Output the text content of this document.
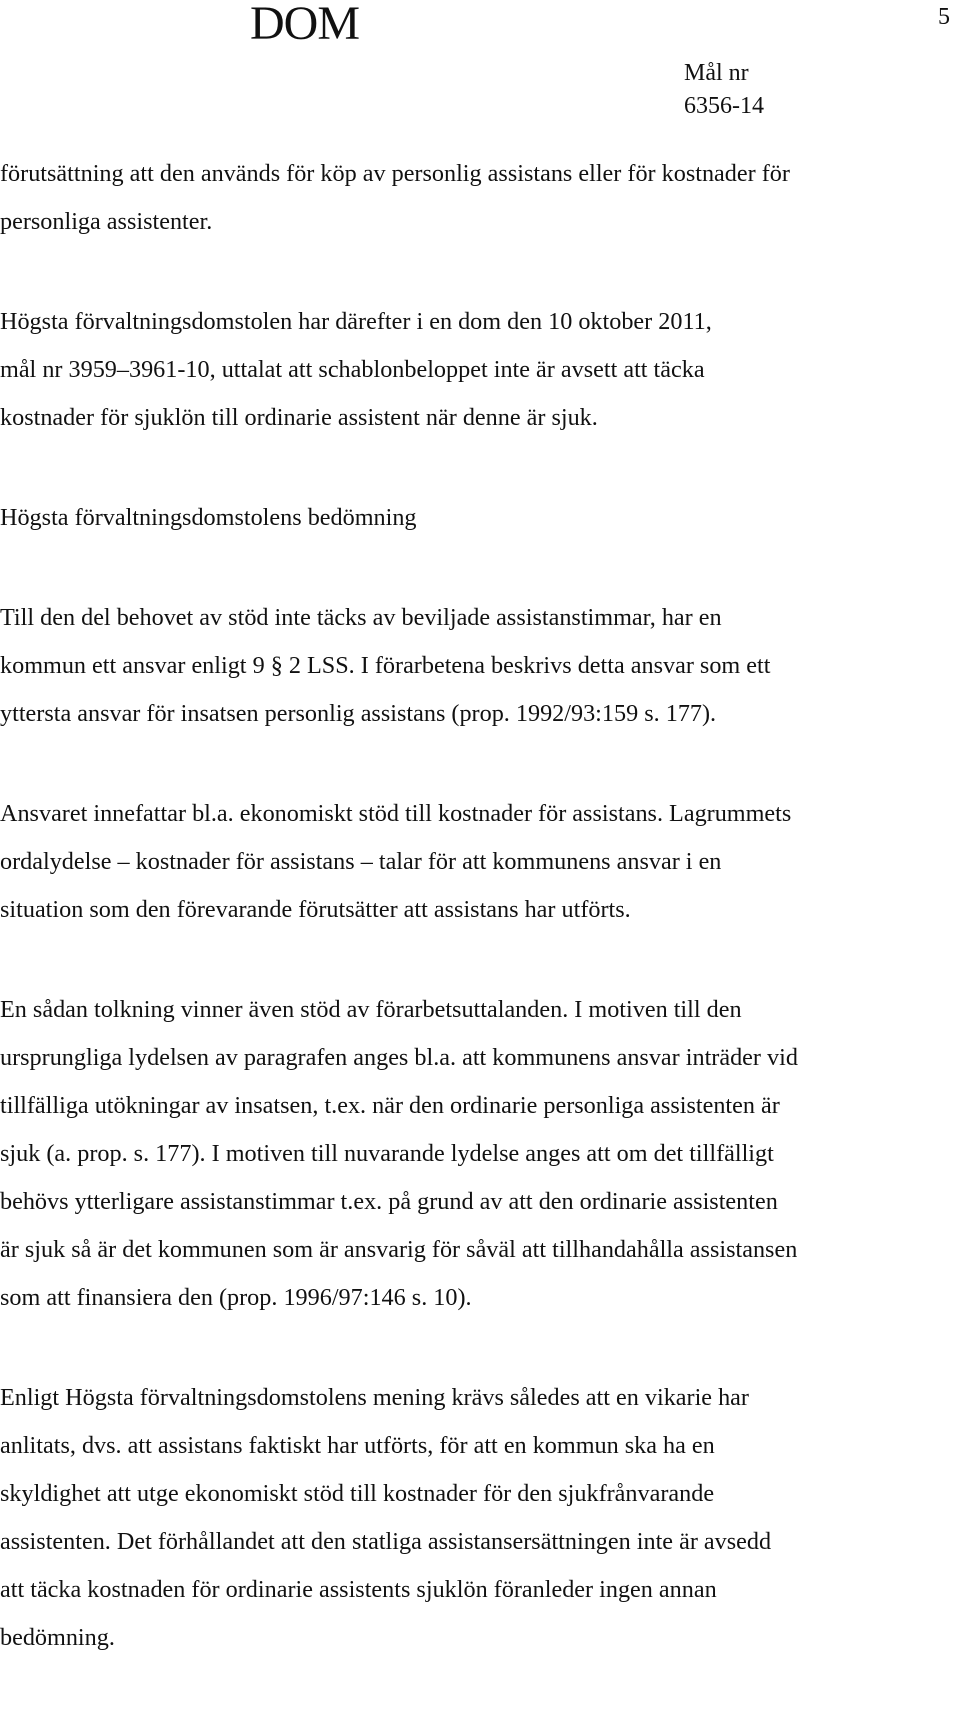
DOM	5
Mål nr
6356-14

förutsättning att den används för köp av personlig assistans eller för kostnader för
personliga assistenter.

Högsta förvaltningsdomstolen har därefter i en dom den 10 oktober 2011,
mål nr 3959–3961-10, uttalat att schablonbeloppet inte är avsett att täcka
kostnader för sjuklön till ordinarie assistent när denne är sjuk.

Högsta förvaltningsdomstolens bedömning

Till den del behovet av stöd inte täcks av beviljade assistanstimmar, har en
kommun ett ansvar enligt 9 § 2 LSS. I förarbetena beskrivs detta ansvar som ett
yttersta ansvar för insatsen personlig assistans (prop. 1992/93:159 s. 177).

Ansvaret innefattar bl.a. ekonomiskt stöd till kostnader för assistans. Lagrummets
ordalydelse – kostnader för assistans – talar för att kommunens ansvar i en
situation som den förevarande förutsätter att assistans har utförts.

En sådan tolkning vinner även stöd av förarbetsuttalanden. I motiven till den
ursprungliga lydelsen av paragrafen anges bl.a. att kommunens ansvar inträder vid
tillfälliga utökningar av insatsen, t.ex. när den ordinarie personliga assistenten är
sjuk (a. prop. s. 177). I motiven till nuvarande lydelse anges att om det tillfälligt
behövs ytterligare assistanstimmar t.ex. på grund av att den ordinarie assistenten
är sjuk så är det kommunen som är ansvarig för såväl att tillhandahålla assistansen
som att finansiera den (prop. 1996/97:146 s. 10).

Enligt Högsta förvaltningsdomstolens mening krävs således att en vikarie har
anlitats, dvs. att assistans faktiskt har utförts, för att en kommun ska ha en
skyldighet att utge ekonomiskt stöd till kostnader för den sjukfrånvarande
assistenten. Det förhållandet att den statliga assistansersättningen inte är avsedd
att täcka kostnaden för ordinarie assistents sjuklön föranleder ingen annan
bedömning.
